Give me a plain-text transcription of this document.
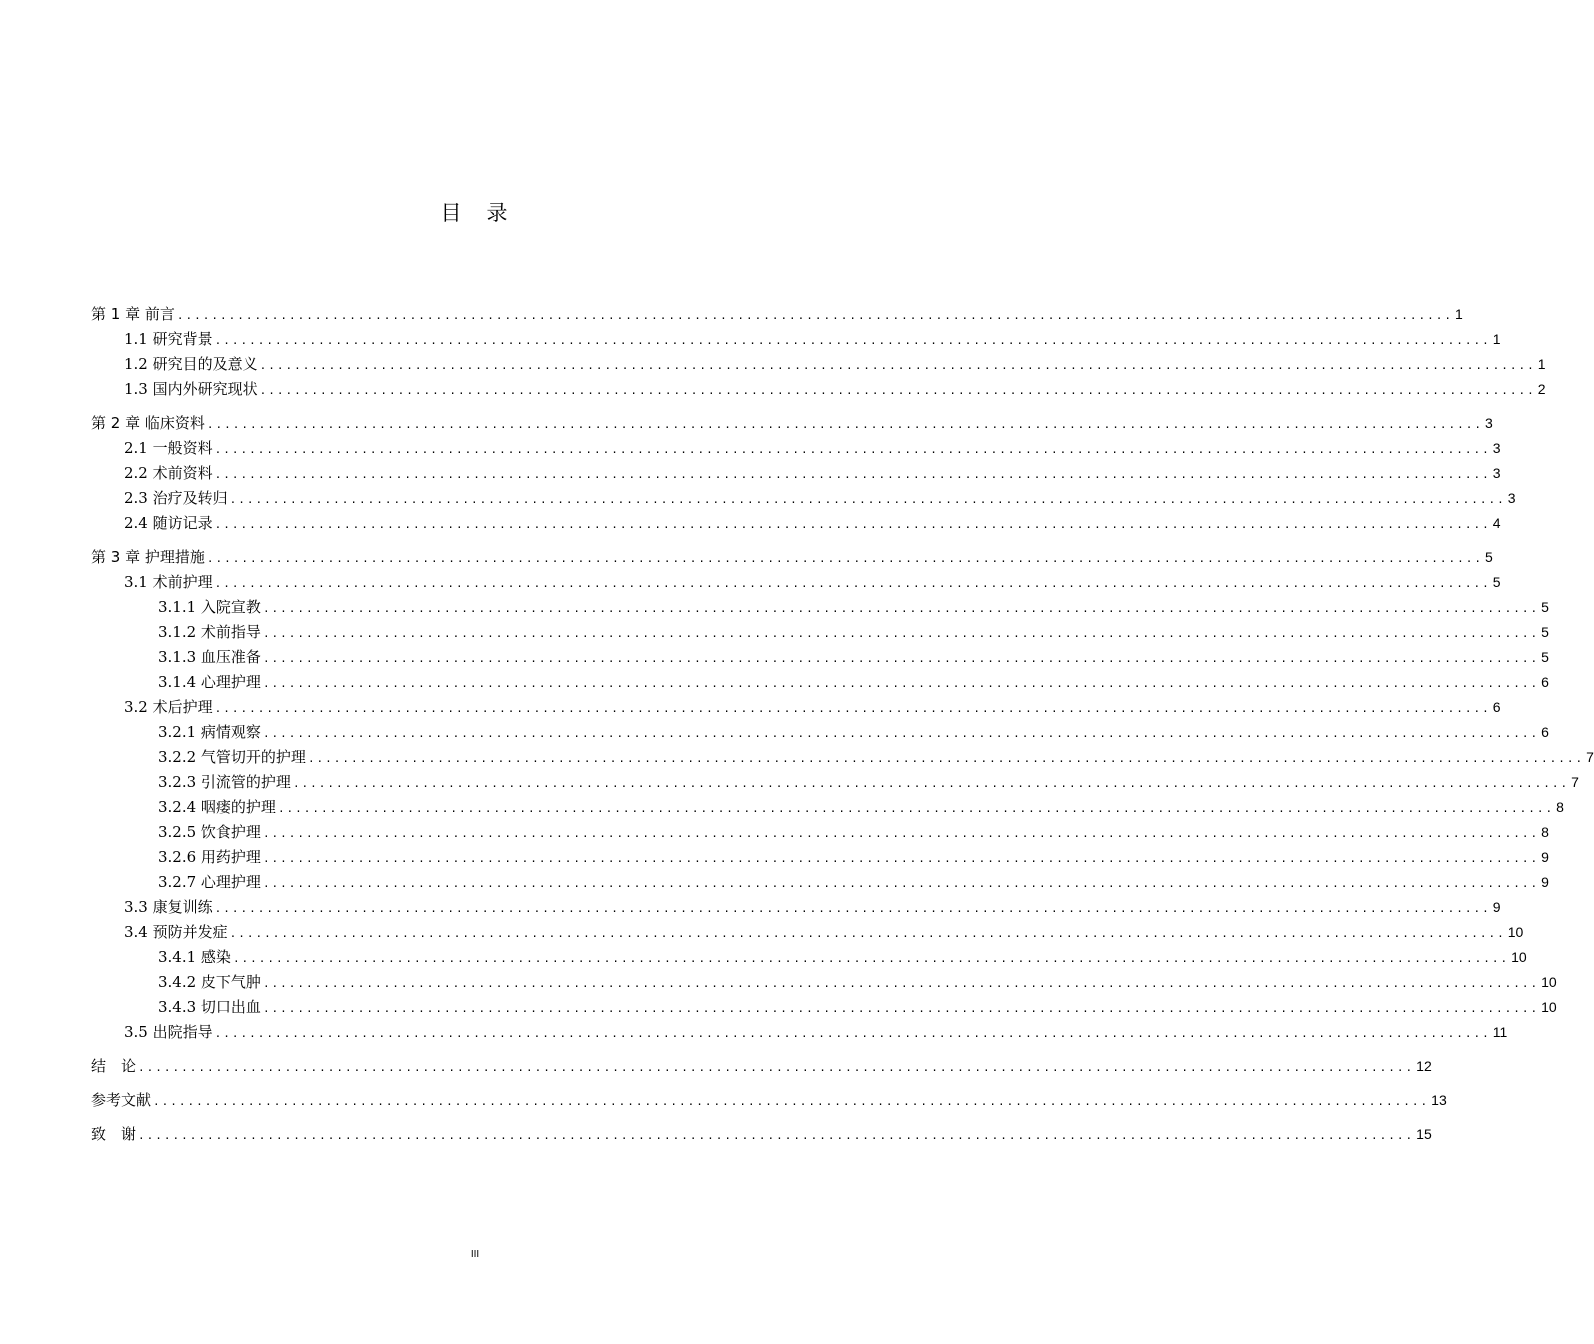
目　录
第 1 章 前言 .................................................................................................................................................... 1
1.1 研究背景 .................................................................................................................................................... 1
1.2 研究目的及意义 .................................................................................................................................................... 1
1.3 国内外研究现状 .................................................................................................................................................... 2
第 2 章 临床资料 .................................................................................................................................................... 3
2.1 一般资料 .................................................................................................................................................... 3
2.2 术前资料 .................................................................................................................................................... 3
2.3 治疗及转归 .................................................................................................................................................... 3
2.4 随访记录 .................................................................................................................................................... 4
第 3 章 护理措施 .................................................................................................................................................... 5
3.1 术前护理 .................................................................................................................................................... 5
3.1.1 入院宣教 .................................................................................................................................................... 5
3.1.2 术前指导 .................................................................................................................................................... 5
3.1.3 血压准备 .................................................................................................................................................... 5
3.1.4 心理护理 .................................................................................................................................................... 6
3.2 术后护理 .................................................................................................................................................... 6
3.2.1 病情观察 .................................................................................................................................................... 6
3.2.2 气管切开的护理 .................................................................................................................................................... 7
3.2.3 引流管的护理 .................................................................................................................................................... 7
3.2.4 咽瘘的护理 .................................................................................................................................................... 8
3.2.5 饮食护理 .................................................................................................................................................... 8
3.2.6 用药护理 .................................................................................................................................................... 9
3.2.7 心理护理 .................................................................................................................................................... 9
3.3 康复训练 .................................................................................................................................................... 9
3.4 预防并发症 .................................................................................................................................................... 10
3.4.1 感染 .................................................................................................................................................... 10
3.4.2 皮下气肿 .................................................................................................................................................... 10
3.4.3 切口出血 .................................................................................................................................................... 10
3.5 出院指导 .................................................................................................................................................... 11
结　论 .................................................................................................................................................... 12
参考文献 .................................................................................................................................................... 13
致　谢 .................................................................................................................................................... 15
III
